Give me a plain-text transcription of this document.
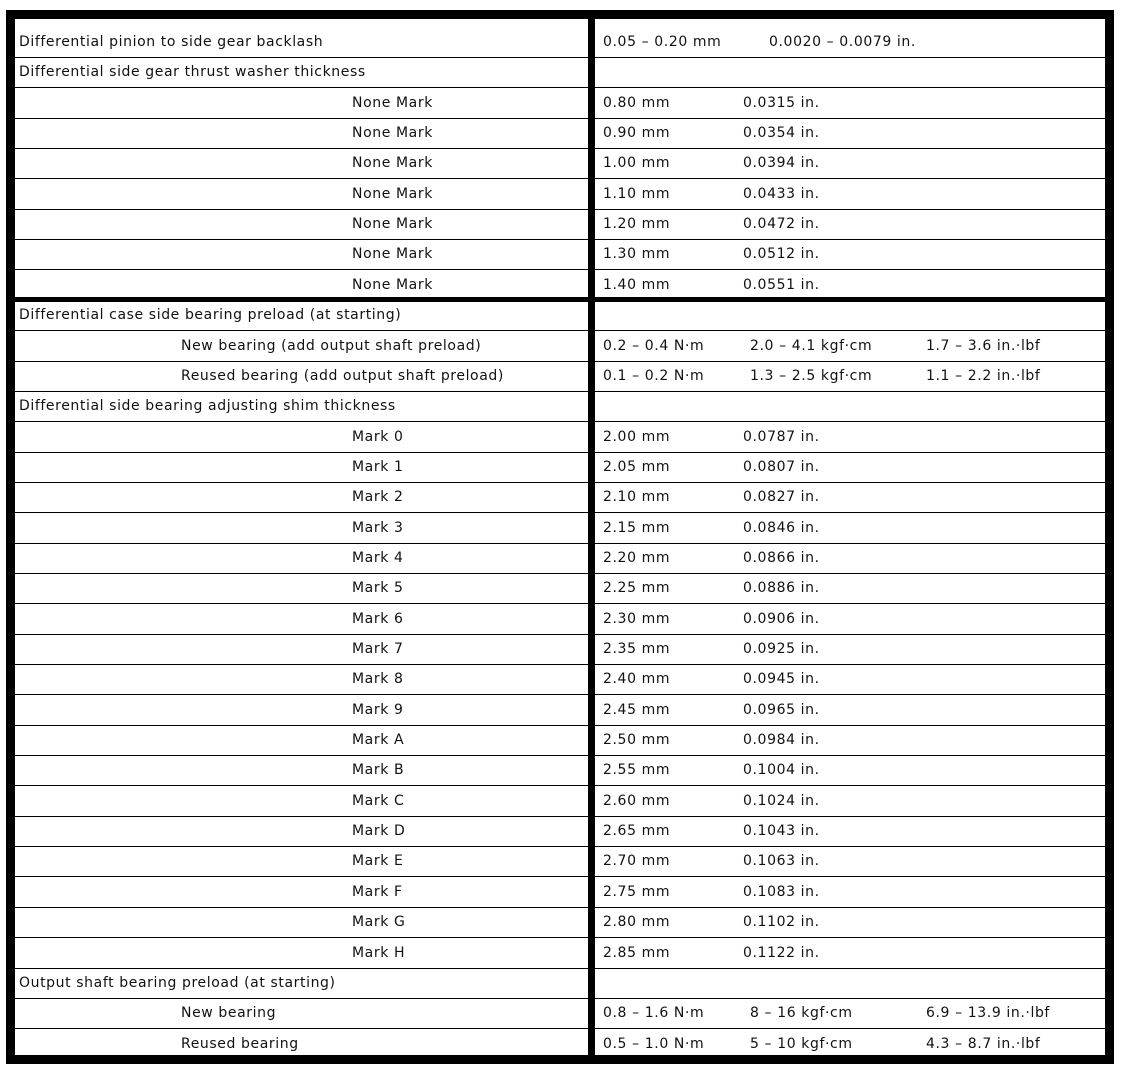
Differential pinion to side gear backlash	0.05 – 0.20 mm	0.0020 – 0.0079 in.
Differential side gear thrust washer thickness
None Mark	0.80 mm	0.0315 in.
None Mark	0.90 mm	0.0354 in.
None Mark	1.00 mm	0.0394 in.
None Mark	1.10 mm	0.0433 in.
None Mark	1.20 mm	0.0472 in.
None Mark	1.30 mm	0.0512 in.
None Mark	1.40 mm	0.0551 in.
Differential case side bearing preload (at starting)
New bearing (add output shaft preload)	0.2 – 0.4 N·m	2.0 – 4.1 kgf·cm	1.7 – 3.6 in.·lbf
Reused bearing (add output shaft preload)	0.1 – 0.2 N·m	1.3 – 2.5 kgf·cm	1.1 – 2.2 in.·lbf
Differential side bearing adjusting shim thickness
Mark 0	2.00 mm	0.0787 in.
Mark 1	2.05 mm	0.0807 in.
Mark 2	2.10 mm	0.0827 in.
Mark 3	2.15 mm	0.0846 in.
Mark 4	2.20 mm	0.0866 in.
Mark 5	2.25 mm	0.0886 in.
Mark 6	2.30 mm	0.0906 in.
Mark 7	2.35 mm	0.0925 in.
Mark 8	2.40 mm	0.0945 in.
Mark 9	2.45 mm	0.0965 in.
Mark A	2.50 mm	0.0984 in.
Mark B	2.55 mm	0.1004 in.
Mark C	2.60 mm	0.1024 in.
Mark D	2.65 mm	0.1043 in.
Mark E	2.70 mm	0.1063 in.
Mark F	2.75 mm	0.1083 in.
Mark G	2.80 mm	0.1102 in.
Mark H	2.85 mm	0.1122 in.
Output shaft bearing preload (at starting)
New bearing	0.8 – 1.6 N·m	8 – 16 kgf·cm	6.9 – 13.9 in.·lbf
Reused bearing	0.5 – 1.0 N·m	5 – 10 kgf·cm	4.3 – 8.7 in.·lbf
